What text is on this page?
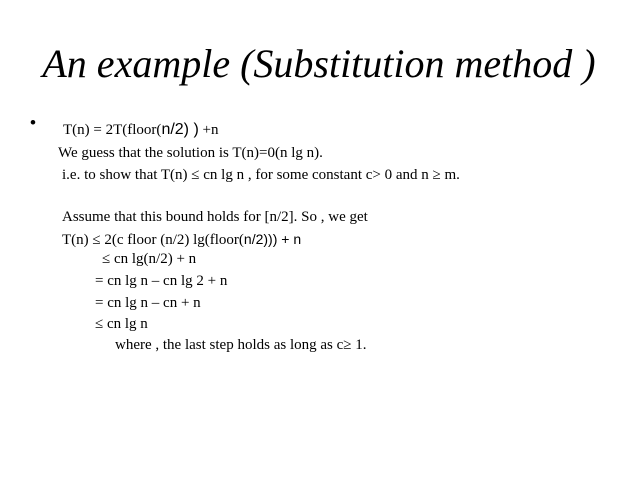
An example (Substitution method )
• T(n) = 2T(floor(n/2) ) +n
We guess that the solution is T(n)=0(n lg n).
i.e. to show that T(n) ≤ cn lg n , for some constant c> 0 and n ≥ m.
Assume that this bound holds for [n/2]. So , we get
T(n) ≤ 2(c floor (n/2) lg(floor(n/2))) + n
≤ cn lg(n/2) + n
= cn lg n – cn lg 2 + n
= cn lg n – cn + n
≤ cn lg n
where , the last step holds as long as c≥ 1.
